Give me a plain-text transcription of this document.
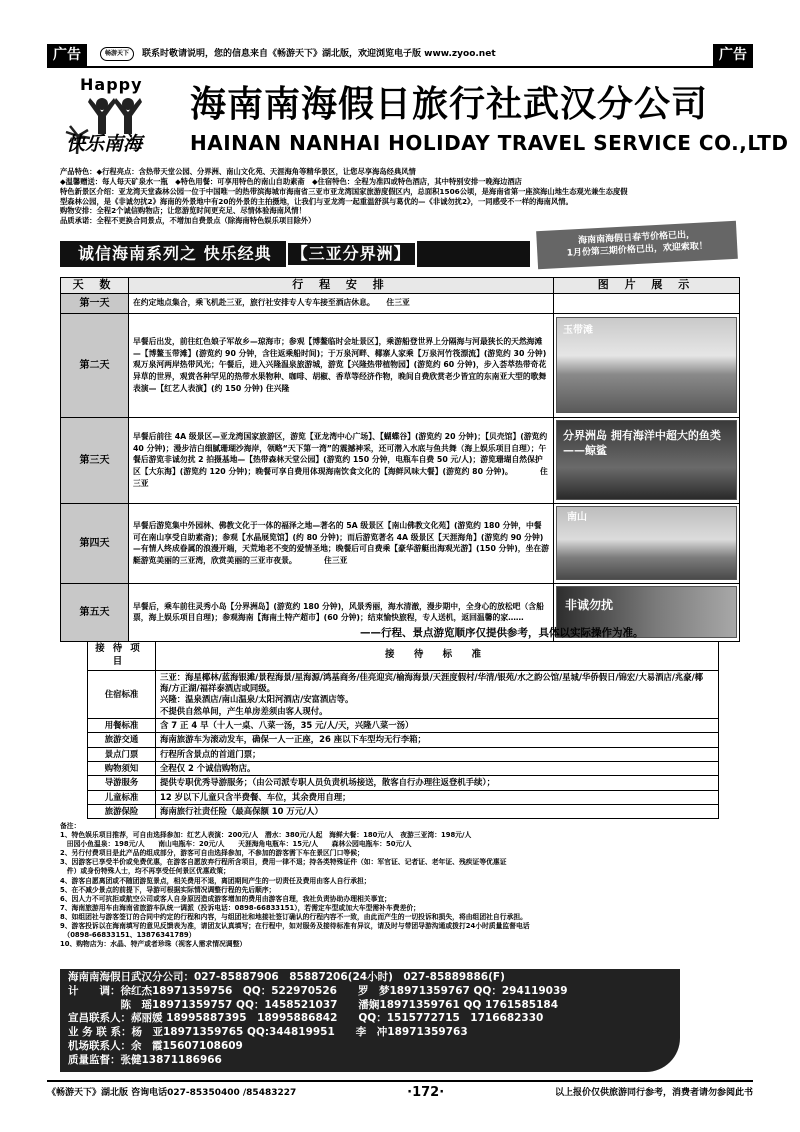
广告	广告
畅游天下	联系时敬请说明，您的信息来自《畅游天下》湖北版，欢迎浏览电子版 www.zyoo.net
Happy
快乐南海
海南南海假日旅行社武汉分公司
HAINAN NANHAI HOLIDAY TRAVEL SERVICE CO.,LTD

产品特色：◆行程亮点：含热带天堂公园、分界洲、南山文化苑、天涯海角等精华景区，让您尽享海岛经典风情

◆温馨赠送：每人每天矿泉水一瓶　◆特色用餐：可享用特色的南山自助素斋　◆住宿特色：全程为准四或特色酒店，其中特别安排一晚海边酒店

特色新景区介绍：亚龙湾天堂森林公园一位于中国唯一的热带滨海城市海南省三亚市亚龙湾国家旅游度假区内，总面积1506公顷，是海南省第一座滨海山地生态观光兼生态度假

型森林公园，是《非诚勿扰2》海南的外景地中有20的外景的主拍摄地，让我们与亚龙湾一起重温舒淇与葛优的—《非诚勿扰2》，一同感受不一样的海南风情。

购物安排：全程2个诚信购物店；让您游览时间更充足、尽情体验海南风情！

品质承诺：全程不更换合同景点，不增加自费景点（除海南特色娱乐项目除外）

诚信海南系列之 快乐经典	【三亚分界洲】
海南南海假日春节价格已出，
1月份第三期价格已出，欢迎索取！
天 数	行 程 安 排	图 片 展 示
第一天	在约定地点集合，乘飞机赴三亚，旅行社安排专人专车接至酒店休息。　　住三亚	
第二天	早餐后出发，前往红色娘子军故乡—琼海市；参观【博鳌临时会址景区】，乘游船登世界上分隔海与河最狭长的天然海滩—【博鳌玉带滩】(游览约 90 分钟，含往返乘船时间)；于万泉河畔、椰寨人家乘【万泉河竹筏漂流】(游览约 30 分钟) 观万泉河两岸热带风光；午餐后，进入兴隆温泉旅游城，游览【兴隆热带植物园】(游览约 60 分钟)，步入荟萃热带奇花异草的世界，观赏各种罕见的热带水果物种、咖啡、胡椒、香草等经济作物，晚间自费欣赏老少皆宜的东南亚大型的歌舞表演—【红艺人表演】(约 150 分钟) 住兴隆	玉带滩

第三天	早餐后前往 4A 级景区—亚龙湾国家旅游区，游览【亚龙湾中心广场】、【蝴蝶谷】(游览约 20 分钟)；【贝壳馆】(游览约 40 分钟)；漫步洁白细腻珊瑚沙海岸，领略“天下第一湾”的震撼神采，还可潜入水底与鱼共舞（海上娱乐项目自理）；午餐后游览非诚勿扰 2 拍摄基地—【热带森林天堂公园】(游览约 150 分钟，电瓶车自费 50 元/人)；游览珊瑚自然保护区【大东海】(游览约 120 分钟)；晚餐可享自费用体现海南饮食文化的【海鲜风味大餐】(游览约 80 分钟)。　　　　住三亚	分界洲岛 拥有海洋中超大的鱼类——鲸鲨

第四天	早餐后游览集中外园林、佛教文化于一体的福泽之地—著名的 5A 级景区【南山佛教文化苑】(游览约 180 分钟，中餐可在南山享受自助素斋)；参观【水晶展览馆】(约 80 分钟)；而后游览著名 4A 级景区【天涯海角】(游览约 90 分钟) —有情人终成眷属的浪漫开端，天荒地老不变的爱情圣地；晚餐后可自费乘【豪华游艇出海观光游】(150 分钟)，坐在游艇游览美丽的三亚湾，欣赏美丽的三亚市夜景。　　　　住三亚	南山

第五天	早餐后，乘车前往灵秀小岛【分界洲岛】(游览约 180 分钟)，风景秀丽，海水清澈，漫步期中，全身心的放松吧（含船票，海上娱乐项目自理)；参观海南【海南土特产超市】(60 分钟)；结束愉快旅程，专人送机，返回温馨的家……	非诚勿扰
——行程、景点游览顺序仅提供参考，具体以实际操作为准。
接待项目	接 待 标 准
住宿标准	三亚：海星椰林/蓝海银滩/景程海景/星海源/鸿基商务/佳亮迎宾/榆海海景/天涯度假村/华清/银苑/水之韵公馆/星城/华侨假日/锦宏/大易酒店/兆豪/椰海/方正湖/福祥泰酒店或同级。
兴隆：温泉酒店/南山温泉/太阳河酒店/安富酒店等。
不提供自然单间，产生单房差须由客人现付。

用餐标准	含 7 正 4 早（十人一桌、八菜一汤，35 元/人/天，兴隆八菜一汤）
旅游交通	海南旅游车为滚动发车，确保一人一正座，26 座以下车型均无行李箱；
景点门票	行程所含景点的首道门票；
购物须知	全程仅 2 个诚信购物店。
导游服务	提供专职优秀导游服务；（由公司派专职人员负责机场接送，散客自行办理往返登机手续）；
儿童标准	12 岁以下儿童只含半费餐、车位，其余费用自理；
旅游保险	海南旅行社责任险（最高保额 10 万元/人）

备注：

1、特色娱乐项目推荐，可自由选择参加：红艺人表演：200元/人　潜水：380元/人起　海鲜大餐：180元/人　夜游三亚湾：198元/人

　田园小鱼温泉：198元/人　　南山电瓶车：20元/人　　天涯海角电瓶车：15元/人　　森林公园电瓶车：50元/人

2、另行付费项目是此产品的组成部分，游客可自由选择参加，不参加的游客需下车在景区门口等候；

3、因游客已享受半价或免费优惠，在游客自愿放弃行程所含项目，费用一律不退；持各类特殊证件（如：军官证、记者证、老年证、残疾证等优惠证

　件）或身份特殊人士，均不再享受任何景区优惠政策；

4、游客自愿离团或不随团游览景点，相关费用不退，离团期间产生的一切责任及费用由客人自行承担；

5、在不减少景点的前提下，导游可根据实际情况调整行程的先后顺序；

6、因人力不可抗拒或航空公司或客人自身原因造成游客增加的费用由游客自理，我社负责协助办理相关事宜；

7、海南旅游用车由海南省旅游车队统一调派（投诉电话：0898-66833151），若需定车型或加大车型需补车费差价；

8、如组团社与游客签订的合同中约定的行程和内容，与组团社和地接社签订确认的行程内容不一致，由此而产生的一切投诉和损失，将由组团社自行承担。

9、游客投诉以在海南填写的意见反馈表为准，请团友认真填写；在行程中，如对服务及接待标准有异议，请及时与带团导游沟通或拨打24小时质量监督电话

　（0898-66833151、13876341789）

10、购物店为：水晶、特产或者珍珠（视客人需求情况调整）

海南南海假日武汉分公司：027-85887906　85887206(24小时)　027-85889886(F)

计　　调：徐红杰18971359756　QQ：522970526　　罗　梦18971359767 QQ：294119039

　　　　　陈　瑶18971359757 QQ：1458521037　　潘娴18971359761 QQ 1761585184

宣昌联系人：郝丽媛 18995887395　18995886842　　QQ：1515772715　1716682330

业 务 联 系：杨　亚18971359765 QQ:344819951　　李　冲18971359763

机场联系人：余　霞15607108609

质量监督：张健13871186966

《畅游天下》湖北版 咨询电话027-85350400 /85483227	·172·	以上报价仅供旅游同行参考，消费者请勿参阅此书
